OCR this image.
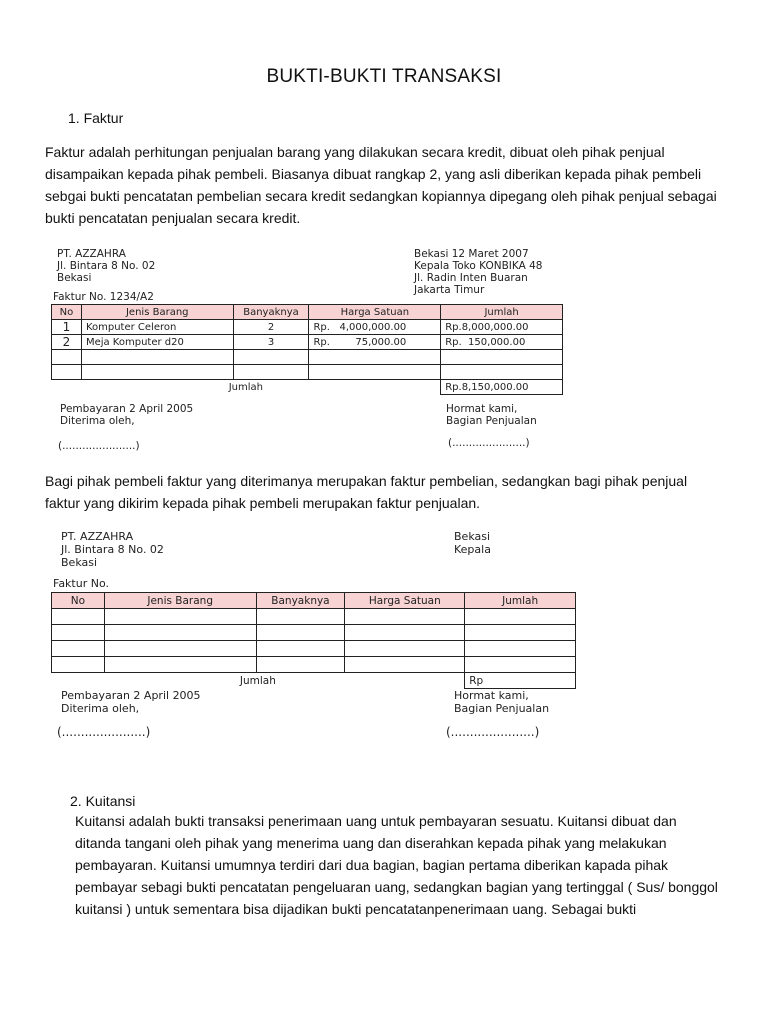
BUKTI-BUKTI TRANSAKSI
1. Faktur
Faktur adalah perhitungan penjualan barang yang dilakukan secara kredit, dibuat oleh pihak penjual
disampaikan kepada pihak pembeli. Biasanya dibuat rangkap 2, yang asli diberikan kepada pihak pembeli
sebgai bukti pencatatan pembelian secara kredit sedangkan kopiannya dipegang oleh pihak penjual sebagai
bukti pencatatan penjualan secara kredit.
PT. AZZAHRA
Jl. Bintara 8 No. 02
Bekasi
Bekasi 12 Maret 2007
Kepala Toko KONBIKA 48
Jl. Radin Inten Buaran
Jakarta Timur
Faktur No. 1234/A2
No	Jenis Barang	Banyaknya	Harga Satuan	Jumlah
1	Komputer Celeron	2	Rp. 4,000,000.00	Rp.8,000,000.00
2	Meja Komputer d20	3	Rp. 75,000.00	Rp.  150,000.00

Jumlah				Rp.8,150,000.00
Pembayaran 2 April 2005
Diterima oleh,
Hormat kami,
Bagian Penjualan
(......................)	(......................)
Bagi pihak pembeli faktur yang diterimanya merupakan faktur pembelian, sedangkan bagi pihak penjual
faktur yang dikirim kepada pihak pembeli merupakan faktur penjualan.
PT. AZZAHRA
Jl. Bintara 8 No. 02
Bekasi
Bekasi
Kepala
Faktur No.
No	Jenis Barang	Banyaknya	Harga Satuan	Jumlah

Jumlah				Rp
Pembayaran 2 April 2005
Diterima oleh,
Hormat kami,
Bagian Penjualan
(......................)	(......................)
2. Kuitansi
Kuitansi adalah bukti transaksi penerimaan uang untuk pembayaran sesuatu. Kuitansi dibuat dan
ditanda tangani oleh pihak yang menerima uang dan diserahkan kepada pihak yang melakukan
pembayaran. Kuitansi umumnya terdiri dari dua bagian, bagian pertama diberikan kapada pihak
pembayar sebagi bukti pencatatan pengeluaran uang, sedangkan bagian yang tertinggal ( Sus/ bonggol
kuitansi ) untuk sementara bisa dijadikan bukti pencatatanpenerimaan uang. Sebagai bukti
